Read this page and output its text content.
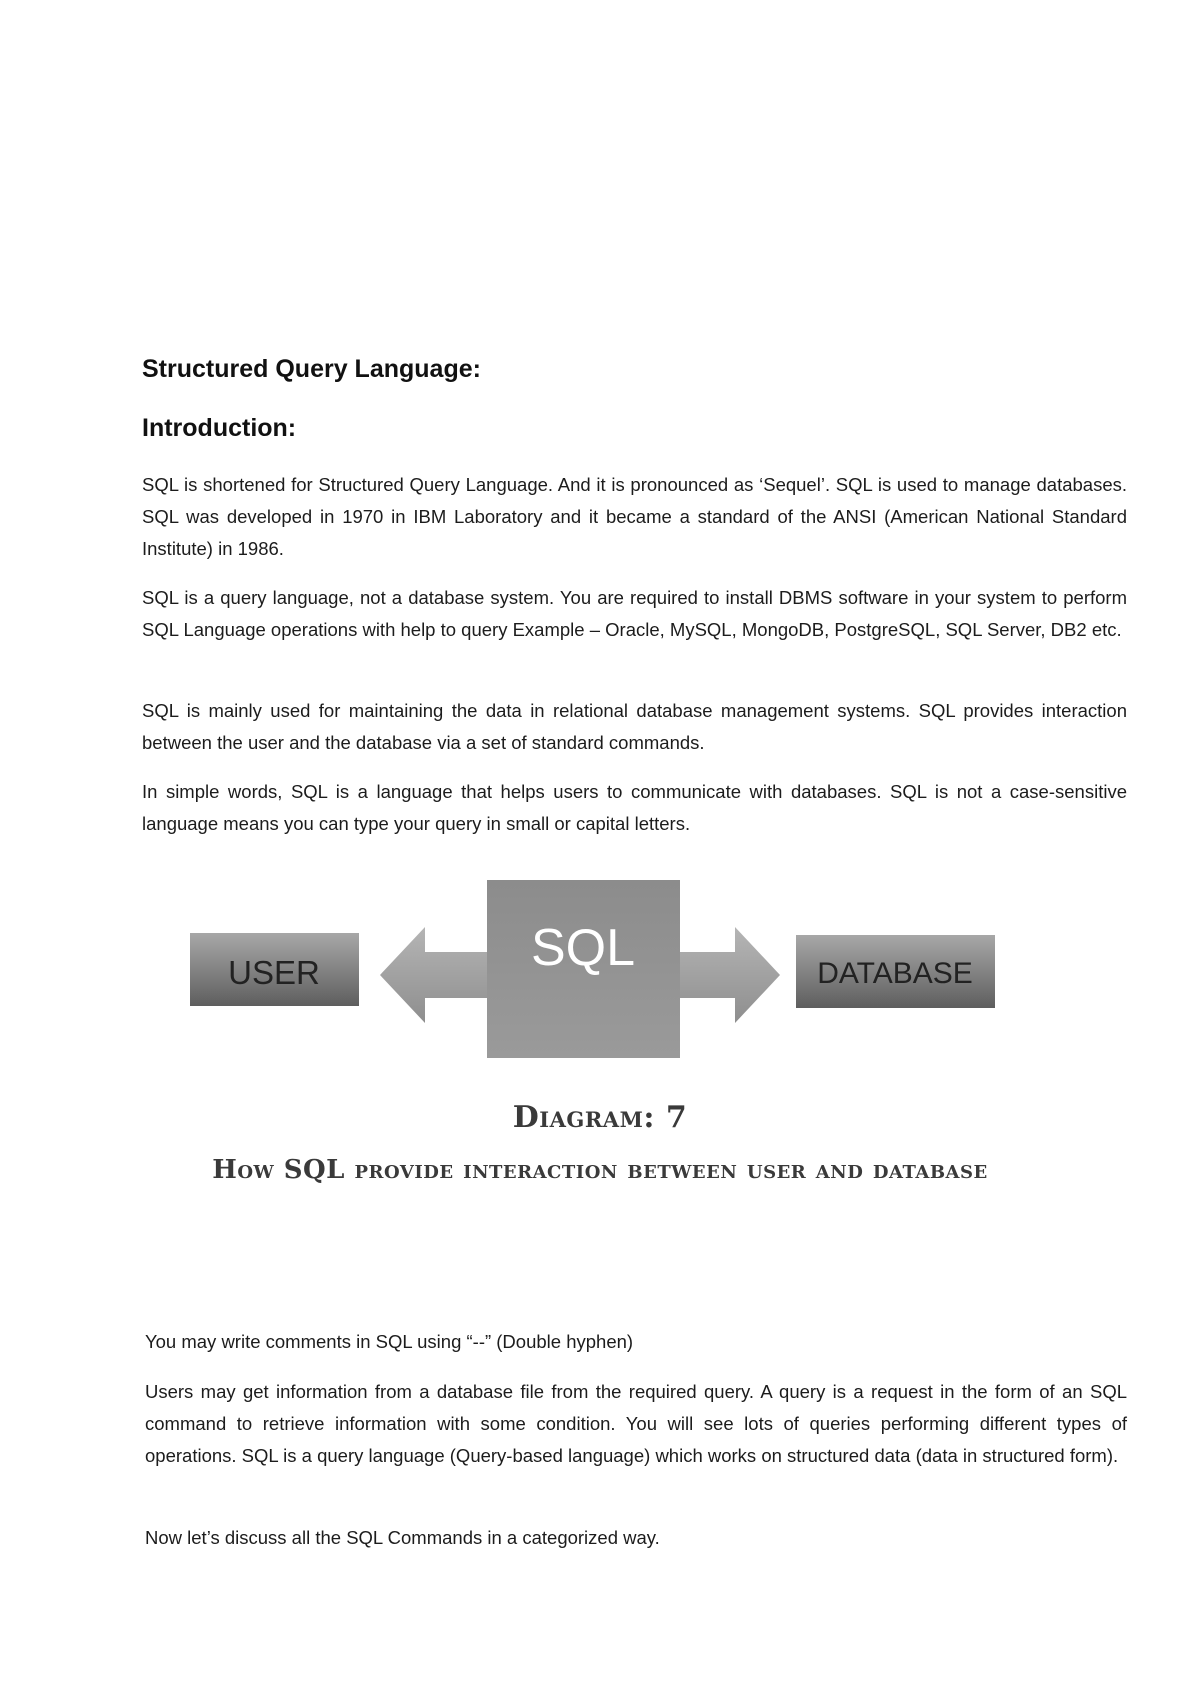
Structured Query Language:
Introduction:

SQL is shortened for Structured Query Language. And it is pronounced as ‘Sequel’. SQL is used to manage databases. SQL was developed in 1970 in IBM Laboratory and it became a standard of the ANSI (American National Standard Institute) in 1986.

SQL is a query language, not a database system. You are required to install DBMS software in your system to perform SQL Language operations with help to query Example – Oracle, MySQL, MongoDB, PostgreSQL, SQL Server, DB2 etc.

SQL is mainly used for maintaining the data in relational database management systems. SQL provides interaction between the user and the database via a set of standard commands.

In simple words, SQL is a language that helps users to communicate with databases. SQL is not a case-sensitive language means you can type your query in small or capital letters.

SQL
USER	DATABASE
Diagram: 7
How SQL provide interaction between user and database

You may write comments in SQL using “--” (Double hyphen)

Users may get information from a database file from the required query. A query is a request in the form of an SQL command to retrieve information with some condition. You will see lots of queries performing different types of operations. SQL is a query language (Query-based language) which works on structured data (data in structured form).

Now let’s discuss all the SQL Commands in a categorized way.
